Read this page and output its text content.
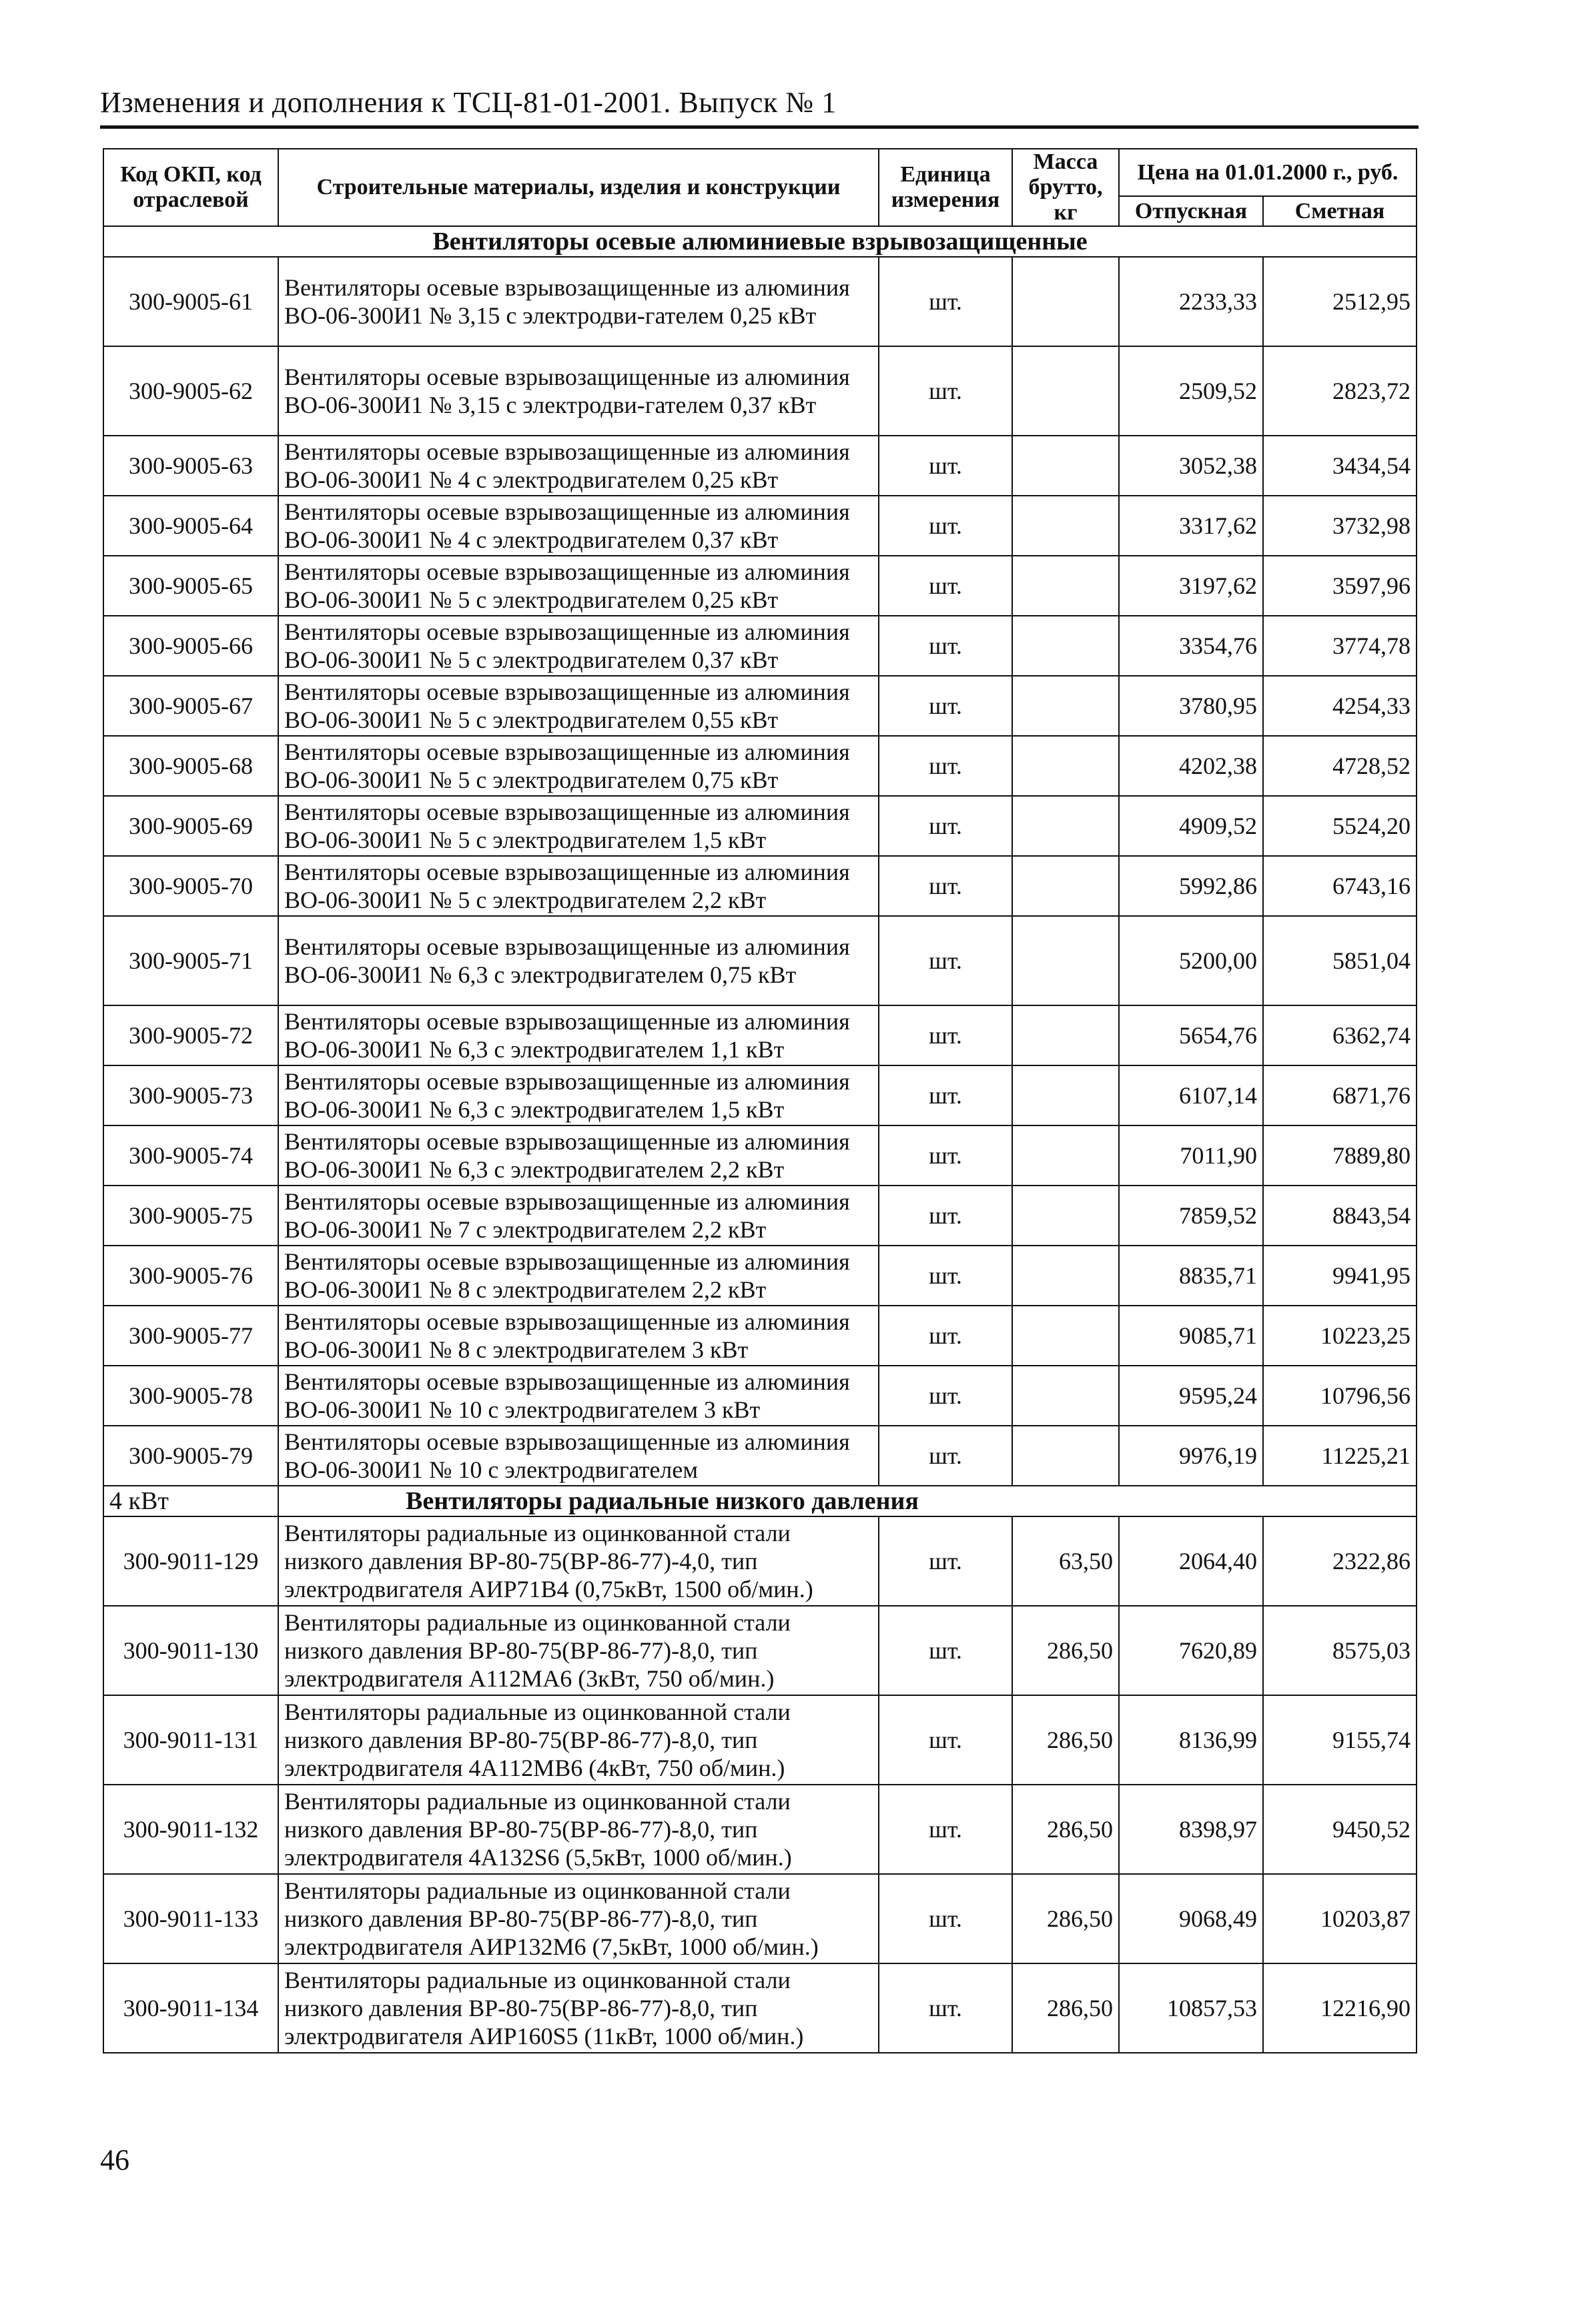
Изменения и дополнения к ТСЦ-81-01-2001. Выпуск № 1
Код ОКП, код отраслевой	Строительные материалы, изделия и конструкции	Единица измерения	Масса брутто, кг	Цена на 01.01.2000 г., руб.	
				Отпускная	Сметная
Вентиляторы осевые алюминиевые взрывозащищенные					
300-9005-61	Вентиляторы осевые взрывозащищенные из алюминия ВО-06-300И1 № 3,15 с электродви-гателем 0,25 кВт	шт.		2233,33	2512,95
300-9005-62	Вентиляторы осевые взрывозащищенные из алюминия ВО-06-300И1 № 3,15 с электродви-гателем 0,37 кВт	шт.		2509,52	2823,72
300-9005-63	Вентиляторы осевые взрывозащищенные из алюминия ВО-06-300И1 № 4 с электродвигателем 0,25 кВт	шт.		3052,38	3434,54
300-9005-64	Вентиляторы осевые взрывозащищенные из алюминия ВО-06-300И1 № 4 с электродвигателем 0,37 кВт	шт.		3317,62	3732,98
300-9005-65	Вентиляторы осевые взрывозащищенные из алюминия ВО-06-300И1 № 5 с электродвигателем 0,25 кВт	шт.		3197,62	3597,96
300-9005-66	Вентиляторы осевые взрывозащищенные из алюминия ВО-06-300И1 № 5 с электродвигателем 0,37 кВт	шт.		3354,76	3774,78
300-9005-67	Вентиляторы осевые взрывозащищенные из алюминия ВО-06-300И1 № 5 с электродвигателем 0,55 кВт	шт.		3780,95	4254,33
300-9005-68	Вентиляторы осевые взрывозащищенные из алюминия ВО-06-300И1 № 5 с электродвигателем 0,75 кВт	шт.		4202,38	4728,52
300-9005-69	Вентиляторы осевые взрывозащищенные из алюминия ВО-06-300И1 № 5 с электродвигателем 1,5 кВт	шт.		4909,52	5524,20
300-9005-70	Вентиляторы осевые взрывозащищенные из алюминия ВО-06-300И1 № 5 с электродвигателем 2,2 кВт	шт.		5992,86	6743,16
300-9005-71	Вентиляторы осевые взрывозащищенные из алюминия ВО-06-300И1 № 6,3 с электродвигателем 0,75 кВт	шт.		5200,00	5851,04
300-9005-72	Вентиляторы осевые взрывозащищенные из алюминия ВО-06-300И1 № 6,3 с электродвигателем 1,1 кВт	шт.		5654,76	6362,74
300-9005-73	Вентиляторы осевые взрывозащищенные из алюминия ВО-06-300И1 № 6,3 с электродвигателем 1,5 кВт	шт.		6107,14	6871,76
300-9005-74	Вентиляторы осевые взрывозащищенные из алюминия ВО-06-300И1 № 6,3 с электродвигателем 2,2 кВт	шт.		7011,90	7889,80
300-9005-75	Вентиляторы осевые взрывозащищенные из алюминия ВО-06-300И1 № 7 с электродвигателем 2,2 кВт	шт.		7859,52	8843,54
300-9005-76	Вентиляторы осевые взрывозащищенные из алюминия ВО-06-300И1 № 8 с электродвигателем 2,2 кВт	шт.		8835,71	9941,95
300-9005-77	Вентиляторы осевые взрывозащищенные из алюминия ВО-06-300И1 № 8 с электродвигателем 3 кВт	шт.		9085,71	10223,25
300-9005-78	Вентиляторы осевые взрывозащищенные из алюминия ВО-06-300И1 № 10 с электродвигателем 3 кВт	шт.		9595,24	10796,56
300-9005-79	Вентиляторы осевые взрывозащищенные из алюминия ВО-06-300И1 № 10 с электродвигателем	шт.		9976,19	11225,21
4 кВт	Вентиляторы радиальные низкого давления				
300-9011-129	Вентиляторы радиальные из оцинкованной стали низкого давления ВР-80-75(ВР-86-77)-4,0, тип электродвигателя АИР71В4 (0,75кВт, 1500 об/мин.)	шт.	63,50	2064,40	2322,86
300-9011-130	Вентиляторы радиальные из оцинкованной стали низкого давления ВР-80-75(ВР-86-77)-8,0, тип электродвигателя А112МА6 (3кВт, 750 об/мин.)	шт.	286,50	7620,89	8575,03
300-9011-131	Вентиляторы радиальные из оцинкованной стали низкого давления ВР-80-75(ВР-86-77)-8,0, тип электродвигателя 4А112МВ6 (4кВт, 750 об/мин.)	шт.	286,50	8136,99	9155,74
300-9011-132	Вентиляторы радиальные из оцинкованной стали низкого давления ВР-80-75(ВР-86-77)-8,0, тип электродвигателя 4А132S6 (5,5кВт, 1000 об/мин.)	шт.	286,50	8398,97	9450,52
300-9011-133	Вентиляторы радиальные из оцинкованной стали низкого давления ВР-80-75(ВР-86-77)-8,0, тип электродвигателя АИР132М6 (7,5кВт, 1000 об/мин.)	шт.	286,50	9068,49	10203,87
300-9011-134	Вентиляторы радиальные из оцинкованной стали низкого давления ВР-80-75(ВР-86-77)-8,0, тип электродвигателя АИР160S5 (11кВт, 1000 об/мин.)	шт.	286,50	10857,53	12216,90
46
